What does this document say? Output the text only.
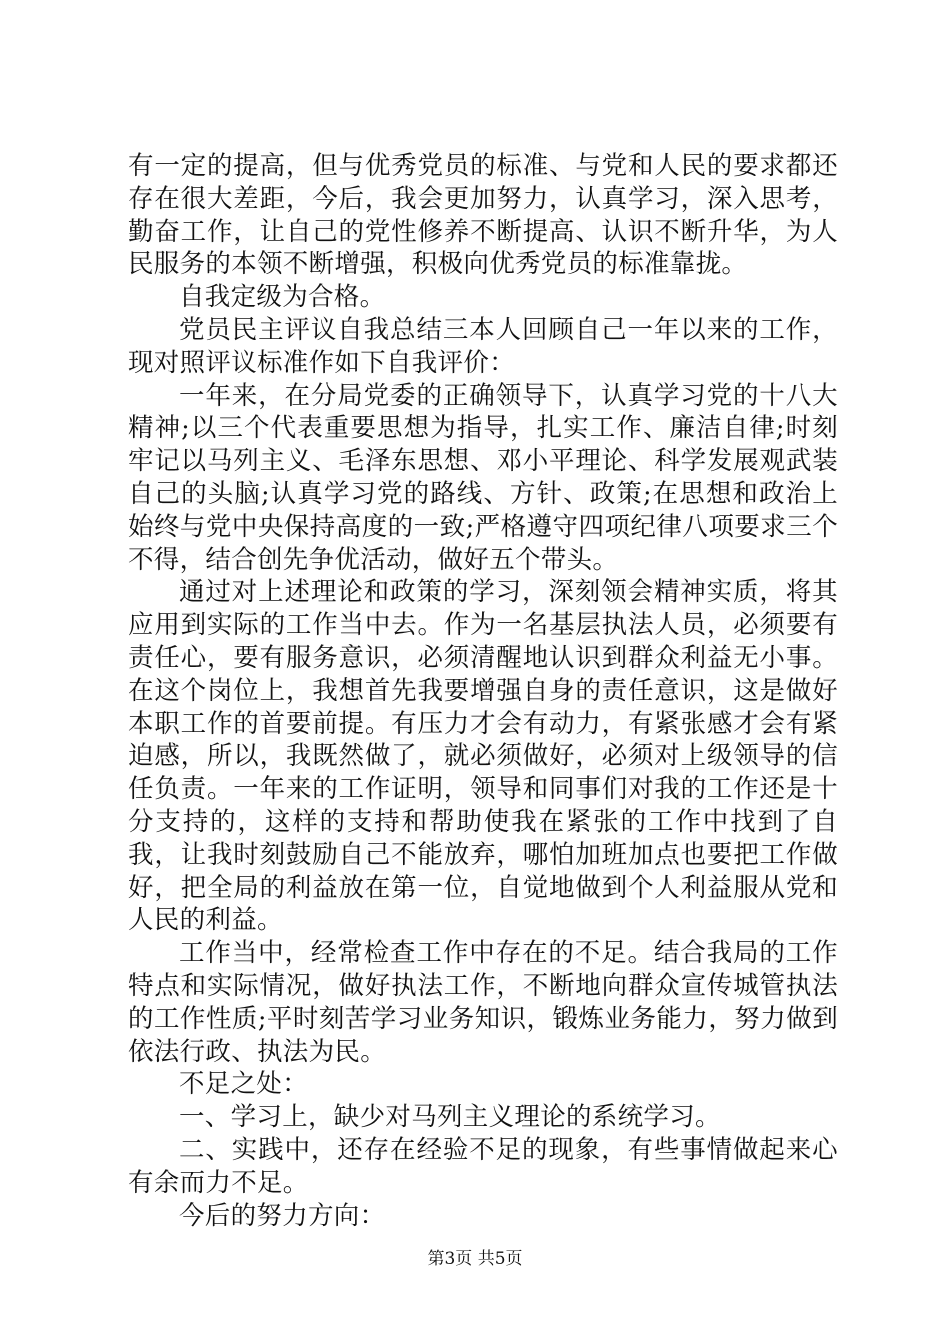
有一定的提高，但与优秀党员的标准、与党和人民的要求都还存在很大差距，今后，我会更加努力，认真学习，深入思考，勤奋工作，让自己的党性修养不断提高、认识不断升华，为人民服务的本领不断增强，积极向优秀党员的标准靠拢。

自我定级为合格。

党员民主评议自我总结三本人回顾自己一年以来的工作，现对照评议标准作如下自我评价：

一年来，在分局党委的正确领导下，认真学习党的十八大精神;以三个代表重要思想为指导，扎实工作、廉洁自律;时刻牢记以马列主义、毛泽东思想、邓小平理论、科学发展观武装自己的头脑;认真学习党的路线、方针、政策;在思想和政治上始终与党中央保持高度的一致;严格遵守四项纪律八项要求三个不得，结合创先争优活动，做好五个带头。

通过对上述理论和政策的学习，深刻领会精神实质，将其应用到实际的工作当中去。作为一名基层执法人员，必须要有责任心，要有服务意识，必须清醒地认识到群众利益无小事。在这个岗位上，我想首先我要增强自身的责任意识，这是做好本职工作的首要前提。有压力才会有动力，有紧张感才会有紧迫感，所以，我既然做了，就必须做好，必须对上级领导的信任负责。一年来的工作证明，领导和同事们对我的工作还是十分支持的，这样的支持和帮助使我在紧张的工作中找到了自我，让我时刻鼓励自己不能放弃，哪怕加班加点也要把工作做好，把全局的利益放在第一位，自觉地做到个人利益服从党和人民的利益。

工作当中，经常检查工作中存在的不足。结合我局的工作特点和实际情况，做好执法工作，不断地向群众宣传城管执法的工作性质;平时刻苦学习业务知识，锻炼业务能力，努力做到依法行政、执法为民。

不足之处：

一、学习上，缺少对马列主义理论的系统学习。

二、实践中，还存在经验不足的现象，有些事情做起来心有余而力不足。

今后的努力方向：

第3页 共5页
